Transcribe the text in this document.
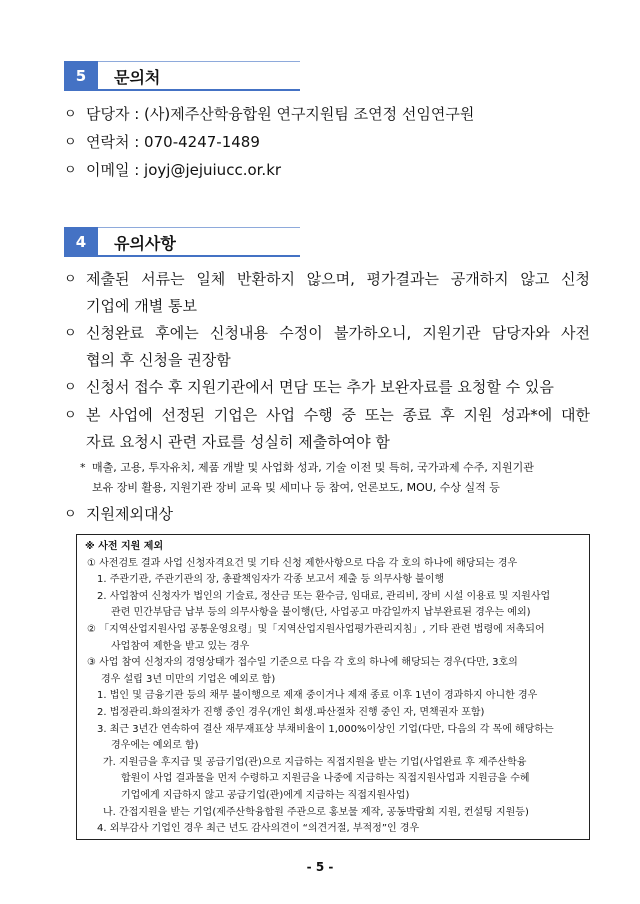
5	문의처
ㅇ 담당자 : (사)제주산학융합원 연구지원팀 조연정 선임연구원
ㅇ 연락처 : 070-4247-1489
ㅇ 이메일 : joyj@jejuiucc.or.kr
4	유의사항
ㅇ 제출된 서류는 일체 반환하지 않으며, 평가결과는 공개하지 않고 신청
기업에 개별 통보
ㅇ 신청완료 후에는 신청내용 수정이 불가하오니, 지원기관 담당자와 사전
협의 후 신청을 권장함
ㅇ 신청서 접수 후 지원기관에서 면담 또는 추가 보완자료를 요청할 수 있음
ㅇ 본 사업에 선정된 기업은 사업 수행 중 또는 종료 후 지원 성과*에 대한
자료 요청시 관련 자료를 성실히 제출하여야 함
* 매출, 고용, 투자유치, 제품 개발 및 사업화 성과, 기술 이전 및 특허, 국가과제 수주, 지원기관
보유 장비 활용, 지원기관 장비 교육 및 세미나 등 참여, 언론보도, MOU, 수상 실적 등
ㅇ 지원제외대상
※ 사전 지원 제외
① 사전검토 결과 사업 신청자격요건 및 기타 신청 제한사항으로 다음 각 호의 하나에 해당되는 경우
1. 주관기관, 주관기관의 장, 총괄책임자가 각종 보고서 제출 등 의무사항 불이행
2. 사업참여 신청자가 법인의 기술료, 정산금 또는 환수금, 임대료, 관리비, 장비 시설 이용료 및 지원사업
관련 민간부담금 납부 등의 의무사항을 불이행(단, 사업공고 마감일까지 납부완료된 경우는 예외)
② 「지역산업지원사업 공통운영요령」및「지역산업지원사업평가관리지침」, 기타 관련 법령에 저촉되어
사업참여 제한을 받고 있는 경우
③ 사업 참여 신청자의 경영상태가 접수일 기준으로 다음 각 호의 하나에 해당되는 경우(다만, 3호의
경우 설립 3년 미만의 기업은 예외로 함)
1. 법인 및 금융기관 등의 채무 불이행으로 제재 중이거나 제재 종료 이후 1년이 경과하지 아니한 경우
2. 법정관리․화의절차가 진행 중인 경우(개인 회생․파산절차 진행 중인 자, 면책권자 포함)
3. 최근 3년간 연속하여 결산 재무재표상 부채비율이 1,000%이상인 기업(다만, 다음의 각 목에 해당하는
경우에는 예외로 함)
가. 지원금을 후지급 및 공급기업(관)으로 지급하는 직접지원을 받는 기업(사업완료 후 제주산학융
합원이 사업 결과물을 먼저 수령하고 지원금을 나중에 지급하는 직접지원사업과 지원금을 수혜
기업에게 지급하지 않고 공급기업(관)에게 지급하는 직접지원사업)
나. 간접지원을 받는 기업(제주산학융합원 주관으로 홍보물 제작, 공동박람회 지원, 컨설팅 지원등)
4. 외부감사 기업인 경우 최근 년도 감사의견이 “의견거절, 부적정”인 경우
- 5 -
